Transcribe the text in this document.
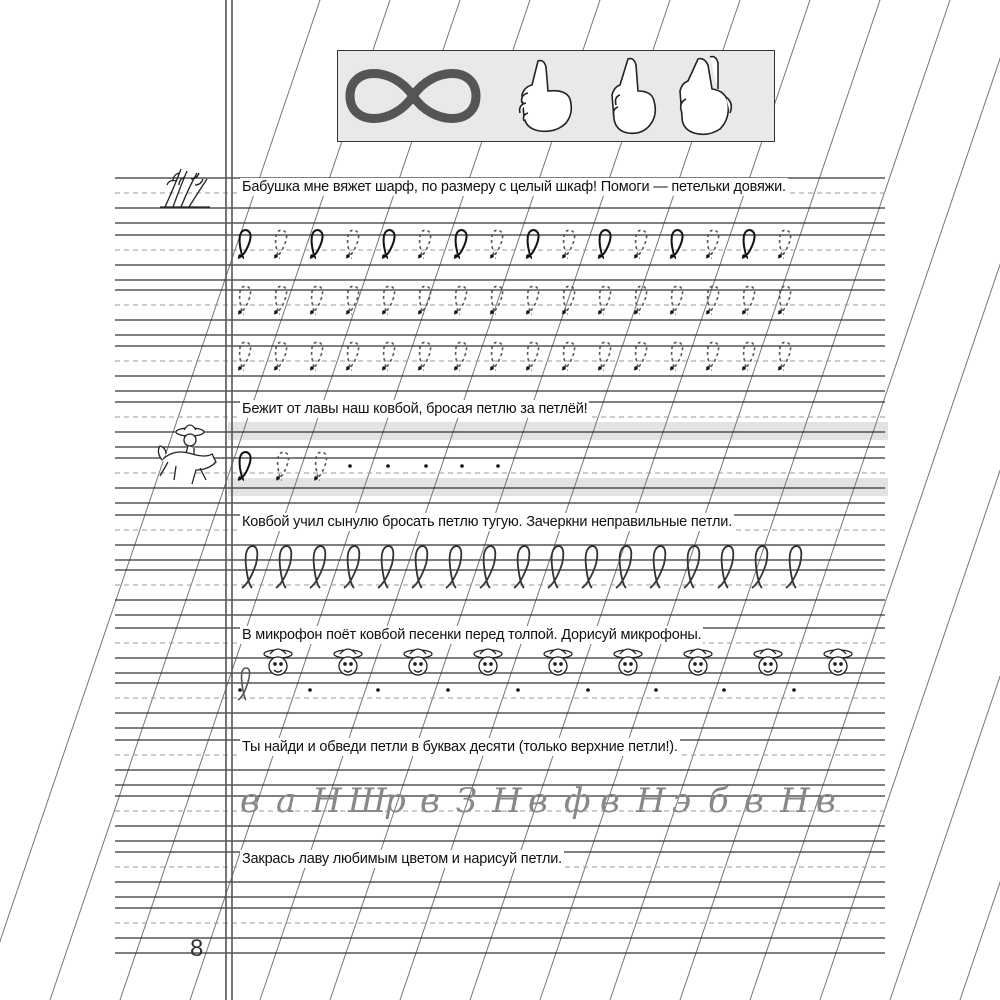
в а Н Ш
р в З Н в ф в Н э б в Н в
Бабушка мне вяжет шарф, по размеру с целый шкаф! Помоги — петельки довяжи.
Бежит от лавы наш ковбой, бросая петлю за петлёй!
Ковбой учил сынулю бросать петлю тугую. Зачеркни неправильные петли.
В микрофон поёт ковбой песенки перед толпой. Дорисуй микрофоны.
Ты найди и обведи петли в буквах десяти (только верхние петли!).
Закрась лаву любимым цветом и нарисуй петли.
8
